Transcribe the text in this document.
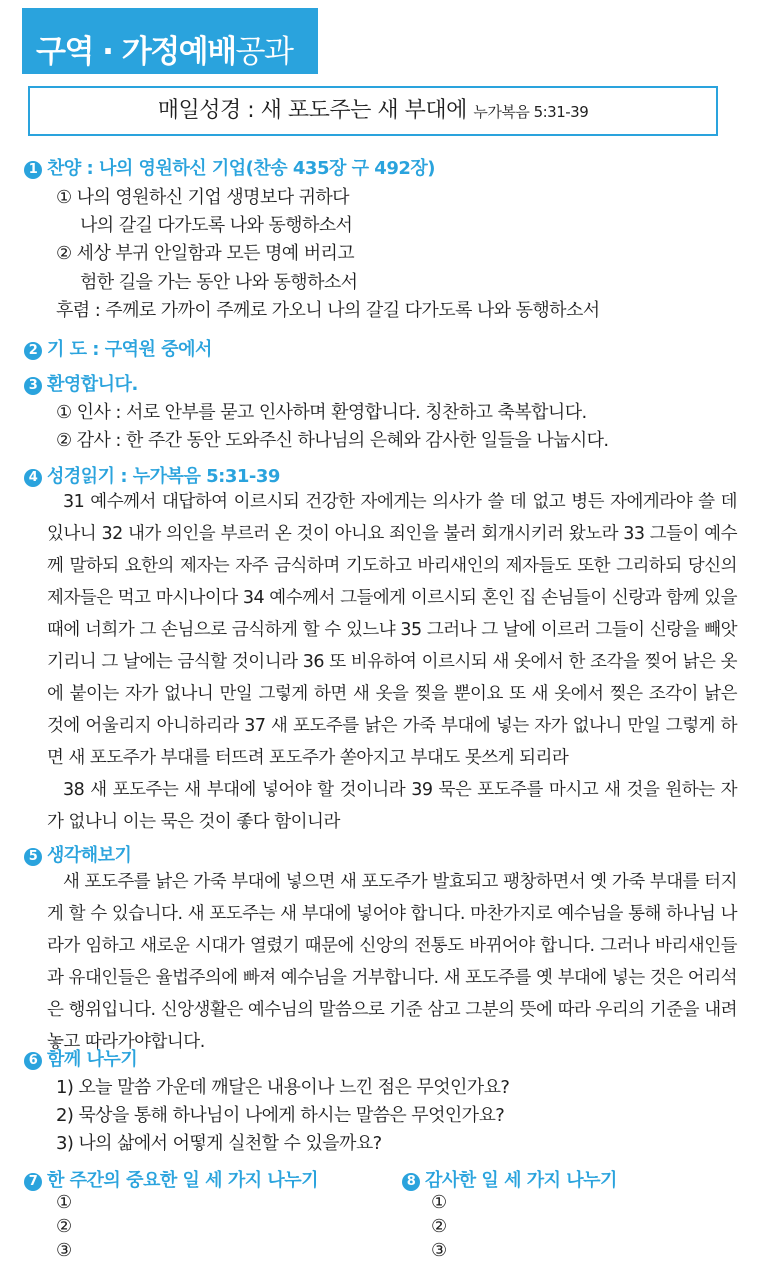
구역 · 가정예배공과
매일성경 : 새 포도주는 새 부대에 누가복음 5:31-39
1 찬양 : 나의 영원하신 기업(찬송 435장 구 492장)
① 나의 영원하신 기업 생명보다 귀하다
나의 갈길 다가도록 나와 동행하소서
② 세상 부귀 안일함과 모든 명예 버리고
험한 길을 가는 동안 나와 동행하소서
후렴 : 주께로 가까이 주께로 가오니 나의 갈길 다가도록 나와 동행하소서
2 기 도 : 구역원 중에서
3 환영합니다.
① 인사 : 서로 안부를 묻고 인사하며 환영합니다. 칭찬하고 축복합니다.
② 감사 : 한 주간 동안 도와주신 하나님의 은혜와 감사한 일들을 나눕시다.
4 성경읽기 : 누가복음 5:31-39

31 예수께서 대답하여 이르시되 건강한 자에게는 의사가 쓸 데 없고 병든 자에게라야 쓸 데 있나니 32 내가 의인을 부르러 온 것이 아니요 죄인을 불러 회개시키러 왔노라 33 그들이 예수께 말하되 요한의 제자는 자주 금식하며 기도하고 바리새인의 제자들도 또한 그리하되 당신의 제자들은 먹고 마시나이다 34 예수께서 그들에게 이르시되 혼인 집 손님들이 신랑과 함께 있을 때에 너희가 그 손님으로 금식하게 할 수 있느냐 35 그러나 그 날에 이르러 그들이 신랑을 빼앗기리니 그 날에는 금식할 것이니라 36 또 비유하여 이르시되 새 옷에서 한 조각을 찢어 낡은 옷에 붙이는 자가 없나니 만일 그렇게 하면 새 옷을 찢을 뿐이요 또 새 옷에서 찢은 조각이 낡은 것에 어울리지 아니하리라 37 새 포도주를 낡은 가죽 부대에 넣는 자가 없나니 만일 그렇게 하면 새 포도주가 부대를 터뜨려 포도주가 쏟아지고 부대도 못쓰게 되리라

38 새 포도주는 새 부대에 넣어야 할 것이니라 39 묵은 포도주를 마시고 새 것을 원하는 자가 없나니 이는 묵은 것이 좋다 함이니라

5 생각해보기

새 포도주를 낡은 가죽 부대에 넣으면 새 포도주가 발효되고 팽창하면서 옛 가죽 부대를 터지게 할 수 있습니다. 새 포도주는 새 부대에 넣어야 합니다. 마찬가지로 예수님을 통해 하나님 나라가 임하고 새로운 시대가 열렸기 때문에 신앙의 전통도 바뀌어야 합니다. 그러나 바리새인들과 유대인들은 율법주의에 빠져 예수님을 거부합니다. 새 포도주를 옛 부대에 넣는 것은 어리석은 행위입니다. 신앙생활은 예수님의 말씀으로 기준 삼고 그분의 뜻에 따라 우리의 기준을 내려놓고 따라가야합니다.

6 함께 나누기
1) 오늘 말씀 가운데 깨달은 내용이나 느낀 점은 무엇인가요?
2) 묵상을 통해 하나님이 나에게 하시는 말씀은 무엇인가요?
3) 나의 삶에서 어떻게 실천할 수 있을까요?
7 한 주간의 중요한 일 세 가지 나누기
①
②
③
8 감사한 일 세 가지 나누기
①
②
③
